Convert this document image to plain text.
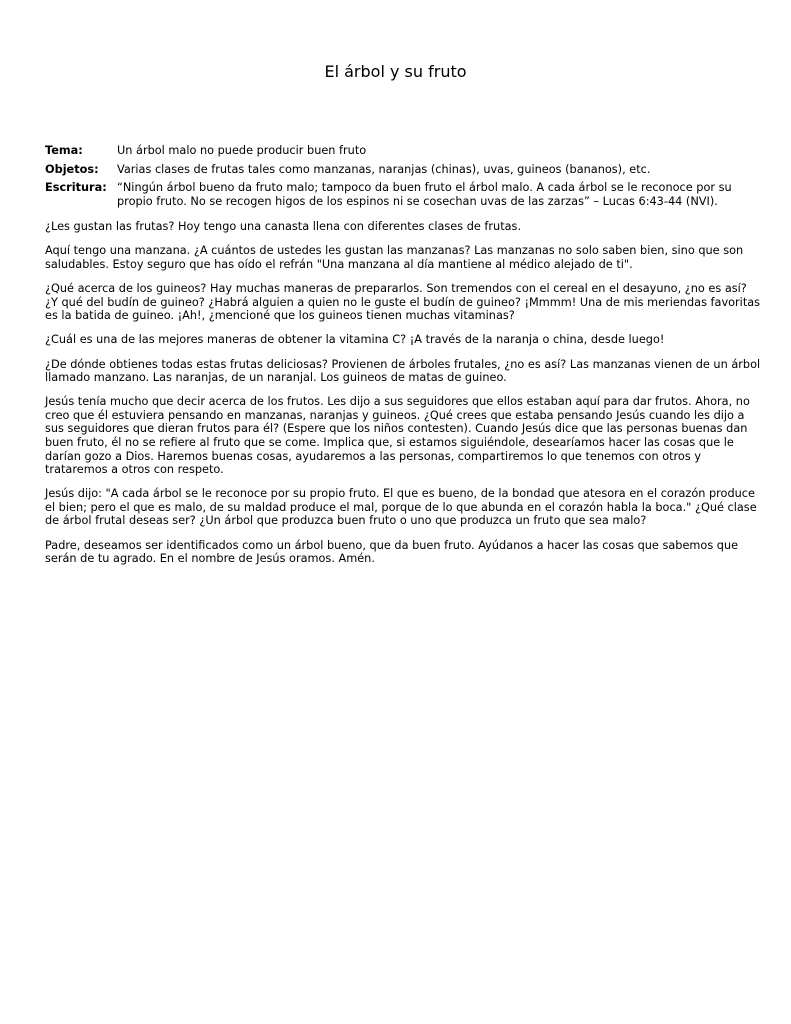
El árbol y su fruto
Tema:	Un árbol malo no puede producir buen fruto
Objetos:	Varias clases de frutas tales como manzanas, naranjas (chinas), uvas, guineos (bananos), etc.
Escritura: “Ningún árbol bueno da fruto malo; tampoco da buen fruto el árbol malo. A cada árbol se le reconoce por su propio fruto. No se recogen higos de los espinos ni se cosechan uvas de las zarzas” – Lucas 6:43-44 (NVI).

¿Les gustan las frutas? Hoy tengo una canasta llena con diferentes clases de frutas.

Aquí tengo una manzana. ¿A cuántos de ustedes les gustan las manzanas? Las manzanas no solo saben bien, sino que son saludables. Estoy seguro que has oído el refrán "Una manzana al día mantiene al médico alejado de ti".

¿Qué acerca de los guineos? Hay muchas maneras de prepararlos. Son tremendos con el cereal en el desayuno, ¿no es así? ¿Y qué del budín de guineo? ¿Habrá alguien a quien no le guste el budín de guineo? ¡Mmmm! Una de mis meriendas favoritas es la batida de guineo. ¡Ah!, ¿mencioné que los guineos tienen muchas vitaminas?

¿Cuál es una de las mejores maneras de obtener la vitamina C? ¡A través de la naranja o china, desde luego!

¿De dónde obtienes todas estas frutas deliciosas? Provienen de árboles frutales, ¿no es así? Las manzanas vienen de un árbol llamado manzano. Las naranjas, de un naranjal. Los guineos de matas de guineo.

Jesús tenía mucho que decir acerca de los frutos. Les dijo a sus seguidores que ellos estaban aquí para dar frutos. Ahora, no creo que él estuviera pensando en manzanas, naranjas y guineos. ¿Qué crees que estaba pensando Jesús cuando les dijo a sus seguidores que dieran frutos para él? (Espere que los niños contesten). Cuando Jesús dice que las personas buenas dan buen fruto, él no se refiere al fruto que se come. Implica que, si estamos siguiéndole, desearíamos hacer las cosas que le darían gozo a Dios. Haremos buenas cosas, ayudaremos a las personas, compartiremos lo que tenemos con otros y trataremos a otros con respeto.

Jesús dijo: "A cada árbol se le reconoce por su propio fruto. El que es bueno, de la bondad que atesora en el corazón produce el bien; pero el que es malo, de su maldad produce el mal, porque de lo que abunda en el corazón habla la boca." ¿Qué clase de árbol frutal deseas ser? ¿Un árbol que produzca buen fruto o uno que produzca un fruto que sea malo?

Padre, deseamos ser identificados como un árbol bueno, que da buen fruto. Ayúdanos a hacer las cosas que sabemos que serán de tu agrado. En el nombre de Jesús oramos. Amén.
